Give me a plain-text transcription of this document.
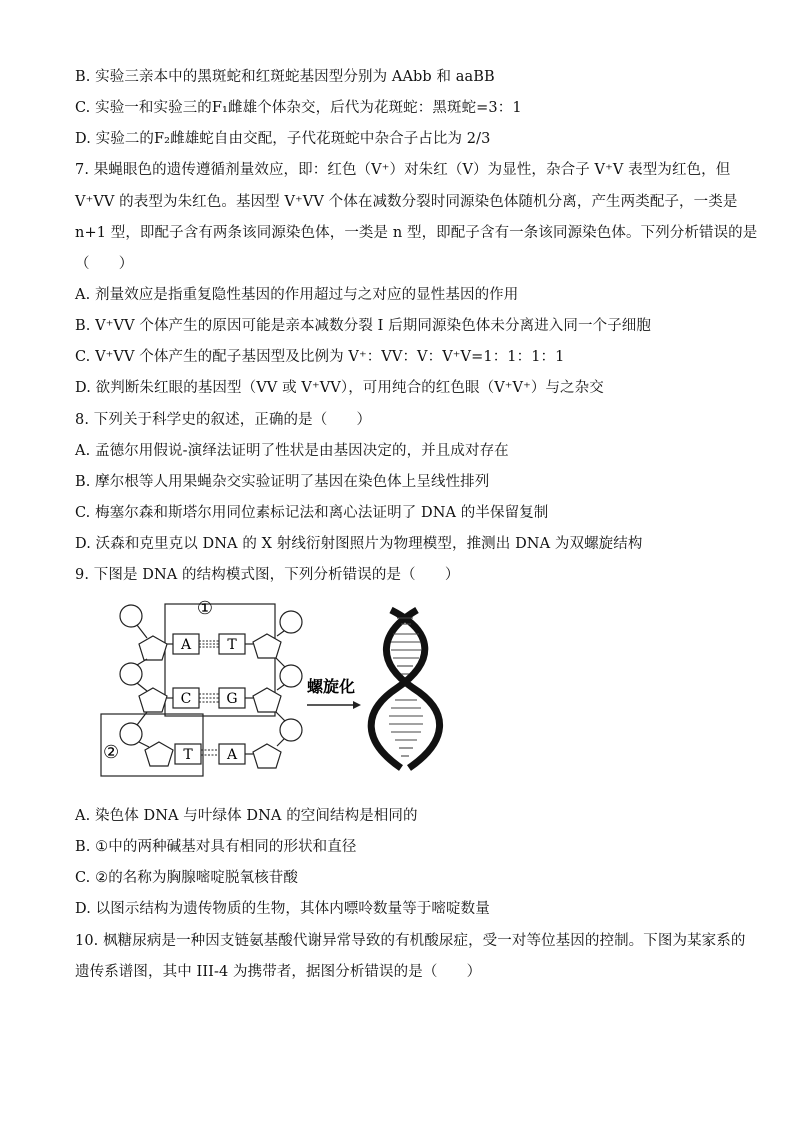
B. 实验三亲本中的黑斑蛇和红斑蛇基因型分别为 AAbb 和 aaBB
C. 实验一和实验三的F₁雌雄个体杂交，后代为花斑蛇：黑斑蛇=3：1
D. 实验二的F₂雌雄蛇自由交配，子代花斑蛇中杂合子占比为 2/3
7. 果蝇眼色的遗传遵循剂量效应，即：红色（V⁺）对朱红（V）为显性，杂合子 V⁺V 表型为红色，但
V⁺VV 的表型为朱红色。基因型 V⁺VV 个体在减数分裂时同源染色体随机分离，产生两类配子，一类是
n+1 型，即配子含有两条该同源染色体，一类是 n 型，即配子含有一条该同源染色体。下列分析错误的是
（　　）
A. 剂量效应是指重复隐性基因的作用超过与之对应的显性基因的作用
B. V⁺VV 个体产生的原因可能是亲本减数分裂 I 后期同源染色体未分离进入同一个子细胞
C. V⁺VV 个体产生的配子基因型及比例为 V⁺：VV：V：V⁺V=1：1：1：1
D. 欲判断朱红眼的基因型（VV 或 V⁺VV），可用纯合的红色眼（V⁺V⁺）与之杂交
8. 下列关于科学史的叙述，正确的是（　　）
A. 孟德尔用假说-演绎法证明了性状是由基因决定的，并且成对存在
B. 摩尔根等人用果蝇杂交实验证明了基因在染色体上呈线性排列
C. 梅塞尔森和斯塔尔用同位素标记法和离心法证明了 DNA 的半保留复制
D. 沃森和克里克以 DNA 的 X 射线衍射图照片为物理模型，推测出 DNA 为双螺旋结构
9. 下图是 DNA 的结构模式图，下列分析错误的是（　　）
①
②
A	T
C	G
T A
螺旋化
A. 染色体 DNA 与叶绿体 DNA 的空间结构是相同的
B. ①中的两种碱基对具有相同的形状和直径
C. ②的名称为胸腺嘧啶脱氧核苷酸
D. 以图示结构为遗传物质的生物，其体内嘌呤数量等于嘧啶数量
10. 枫糖尿病是一种因支链氨基酸代谢异常导致的有机酸尿症，受一对等位基因的控制。下图为某家系的
遗传系谱图，其中 III-4 为携带者，据图分析错误的是（　　）
